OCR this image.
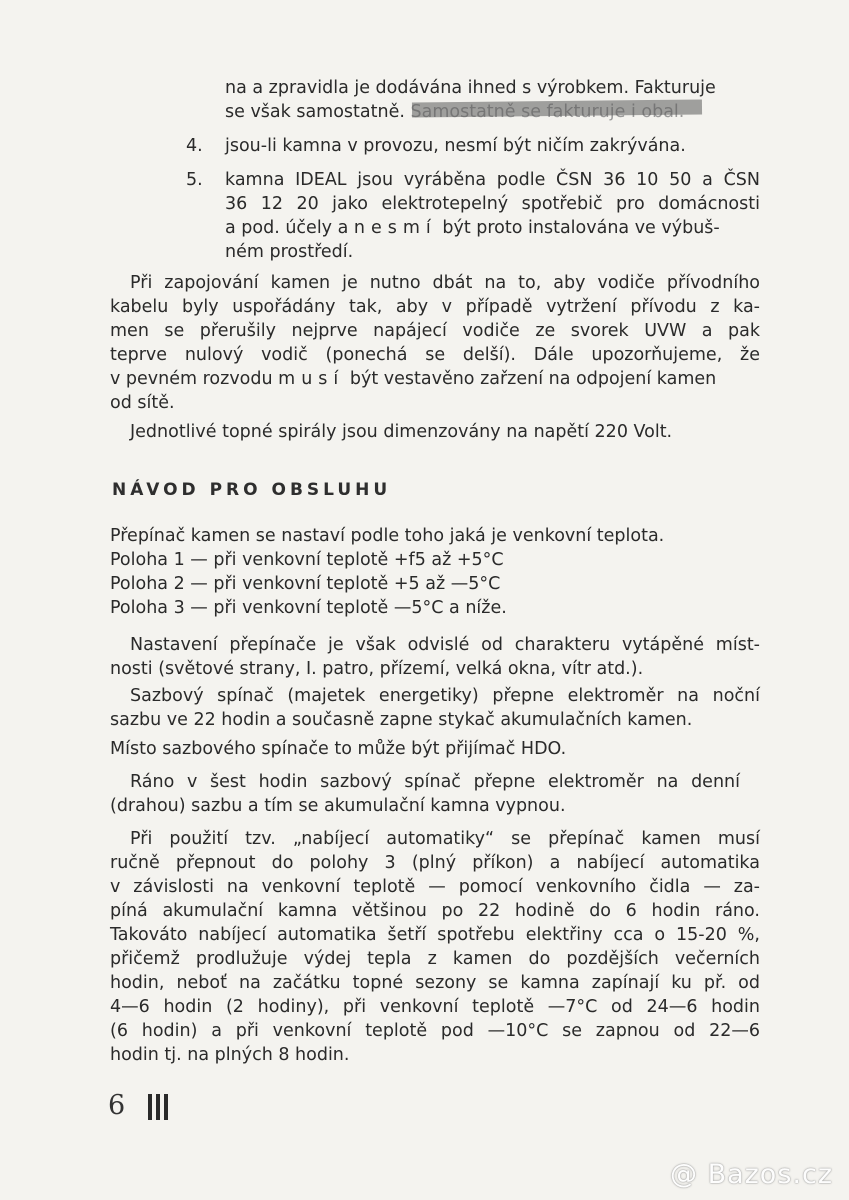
na a zpravidla je dodávána ihned s výrobkem. Fakturuje
se však samostatně.
4. jsou-li kamna v provozu, nesmí být ničím zakrývána.
5. kamna IDEAL jsou vyráběna podle ČSN 36 10 50 a ČSN
36 12 20 jako elektrotepelný spotřebič pro domácnosti
a pod. účely a nesmí být proto instalována ve výbuš-
ném prostředí.
Při zapojování kamen je nutno dbát na to, aby vodiče přívodního
kabelu byly uspořádány tak, aby v případě vytržení přívodu z ka-
men se přerušily nejprve napájecí vodiče ze svorek UVW a pak
teprve nulový vodič (ponechá se delší). Dále upozorňujeme, že
v pevném rozvodu musí být vestavěno zařzení na odpojení kamen
od sítě.
Jednotlivé topné spirály jsou dimenzovány na napětí 220 Volt.
NÁVOD PRO OBSLUHU
Přepínač kamen se nastaví podle toho jaká je venkovní teplota.
Poloha 1 — při venkovní teplotě +f5 až +5°C
Poloha 2 — při venkovní teplotě +5 až —5°C
Poloha 3 — při venkovní teplotě —5°C a níže.
Nastavení přepínače je však odvislé od charakteru vytápěné míst-
nosti (světové strany, I. patro, přízemí, velká okna, vítr atd.).
Sazbový spínač (majetek energetiky) přepne elektroměr na noční
sazbu ve 22 hodin a současně zapne stykač akumulačních kamen.
Místo sazbového spínače to může být přijímač HDO.
Ráno v šest hodin sazbový spínač přepne elektroměr na denní
(drahou) sazbu a tím se akumulační kamna vypnou.
Při použití tzv. „nabíjecí automatiky“ se přepínač kamen musí
ručně přepnout do polohy 3 (plný příkon) a nabíjecí automatika
v závislosti na venkovní teplotě — pomocí venkovního čidla — za-
píná akumulační kamna většinou po 22 hodině do 6 hodin ráno.
Takováto nabíjecí automatika šetří spotřebu elektřiny cca o 15-20 %,
přičemž prodlužuje výdej tepla z kamen do pozdějších večerních
hodin, neboť na začátku topné sezony se kamna zapínají ku př. od
4—6 hodin (2 hodiny), při venkovní teplotě —7°C od 24—6 hodin
(6 hodin) a při venkovní teplotě pod —10°C se zapnou od 22—6
hodin tj. na plných 8 hodin.
6
@ Bazos.cz
